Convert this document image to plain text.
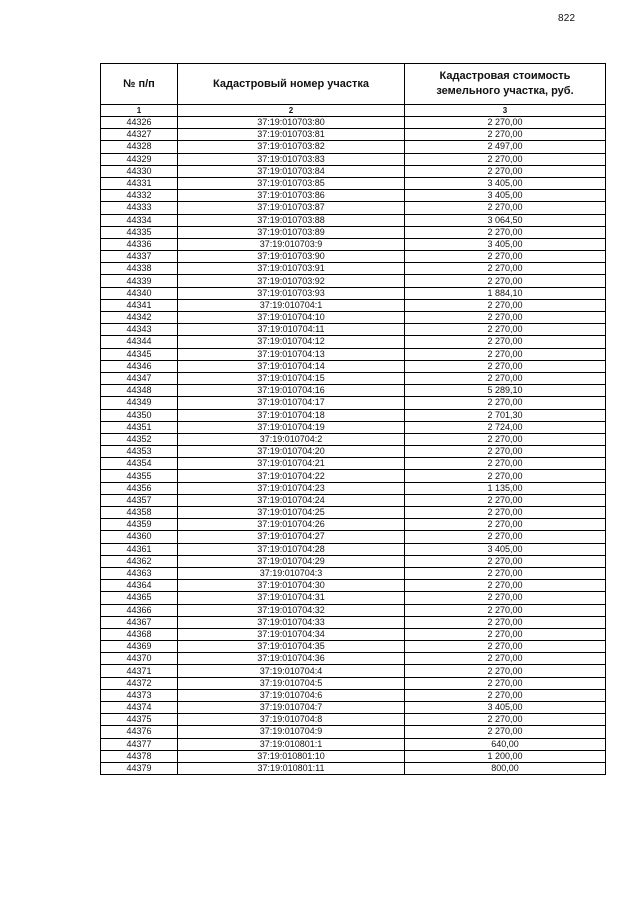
822
№ п/п	Кадастровый номер участка	Кадастровая стоимость земельного участка, руб.
1	2	3
44326	37:19:010703:80	2 270,00
44327	37:19:010703:81	2 270,00
44328	37:19:010703:82	2 497,00
44329	37:19:010703:83	2 270,00
44330	37:19:010703:84	2 270,00
44331	37:19:010703:85	3 405,00
44332	37:19:010703:86	3 405,00
44333	37:19:010703:87	2 270,00
44334	37:19:010703:88	3 064,50
44335	37:19:010703:89	2 270,00
44336	37:19:010703:9	3 405,00
44337	37:19:010703:90	2 270,00
44338	37:19:010703:91	2 270,00
44339	37:19:010703:92	2 270,00
44340	37:19:010703:93	1 884,10
44341	37:19:010704:1	2 270,00
44342	37:19:010704:10	2 270,00
44343	37:19:010704:11	2 270,00
44344	37:19:010704:12	2 270,00
44345	37:19:010704:13	2 270,00
44346	37:19:010704:14	2 270,00
44347	37:19:010704:15	2 270,00
44348	37:19:010704:16	5 289,10
44349	37:19:010704:17	2 270,00
44350	37:19:010704:18	2 701,30
44351	37:19:010704:19	2 724,00
44352	37:19:010704:2	2 270,00
44353	37:19:010704:20	2 270,00
44354	37:19:010704:21	2 270,00
44355	37:19:010704:22	2 270,00
44356	37:19:010704:23	1 135,00
44357	37:19:010704:24	2 270,00
44358	37:19:010704:25	2 270,00
44359	37:19:010704:26	2 270,00
44360	37:19:010704:27	2 270,00
44361	37:19:010704:28	3 405,00
44362	37:19:010704:29	2 270,00
44363	37:19:010704:3	2 270,00
44364	37:19:010704:30	2 270,00
44365	37:19:010704:31	2 270,00
44366	37:19:010704:32	2 270,00
44367	37:19:010704:33	2 270,00
44368	37:19:010704:34	2 270,00
44369	37:19:010704:35	2 270,00
44370	37:19:010704:36	2 270,00
44371	37:19:010704:4	2 270,00
44372	37:19:010704:5	2 270,00
44373	37:19:010704:6	2 270,00
44374	37:19:010704:7	3 405,00
44375	37:19:010704:8	2 270,00
44376	37:19:010704:9	2 270,00
44377	37:19:010801:1	640,00
44378	37:19:010801:10	1 200,00
44379	37:19:010801:11	800,00
